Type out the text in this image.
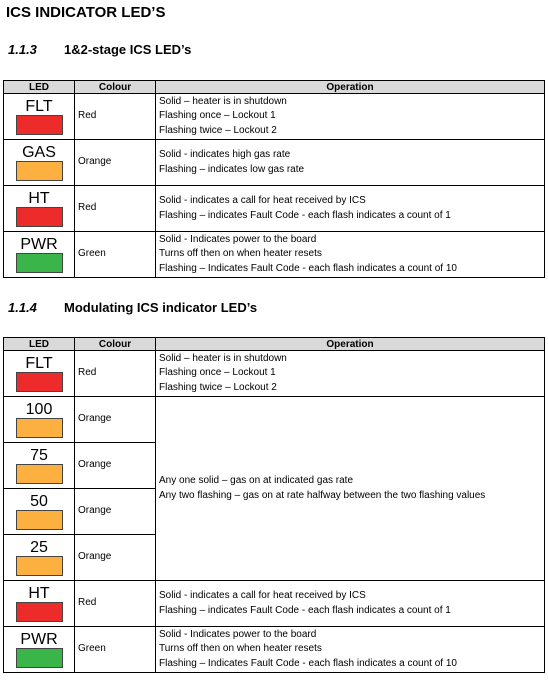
ICS INDICATOR LED’S
1.1.3 1&2-stage ICS LED’s
LED	Colour	Operation

FLT	Red	Solid – heater is in shutdown
Flashing once – Lockout 1
Flashing twice – Lockout 2

GAS	Orange	Solid - indicates high gas rate
Flashing – indicates low gas rate

HT	Red	Solid - indicates a call for heat received by ICS
Flashing – indicates Fault Code - each flash indicates a count of 1

PWR	Green	Solid - Indicates power to the board
Turns off then on when heater resets
Flashing – Indicates Fault Code - each flash indicates a count of 10
1.1.4 Modulating ICS indicator LED’s
LED	Colour	Operation

FLT	Red	Solid – heater is in shutdown
Flashing once – Lockout 1
Flashing twice – Lockout 2

100	Orange	Any one solid – gas on at indicated gas rate
Any two flashing – gas on at rate halfway between the two flashing values

75	Orange	

50	Orange	

25	Orange	

HT	Red	Solid - indicates a call for heat received by ICS
Flashing – indicates Fault Code - each flash indicates a count of 1

PWR	Green	Solid - Indicates power to the board
Turns off then on when heater resets
Flashing – Indicates Fault Code - each flash indicates a count of 10
